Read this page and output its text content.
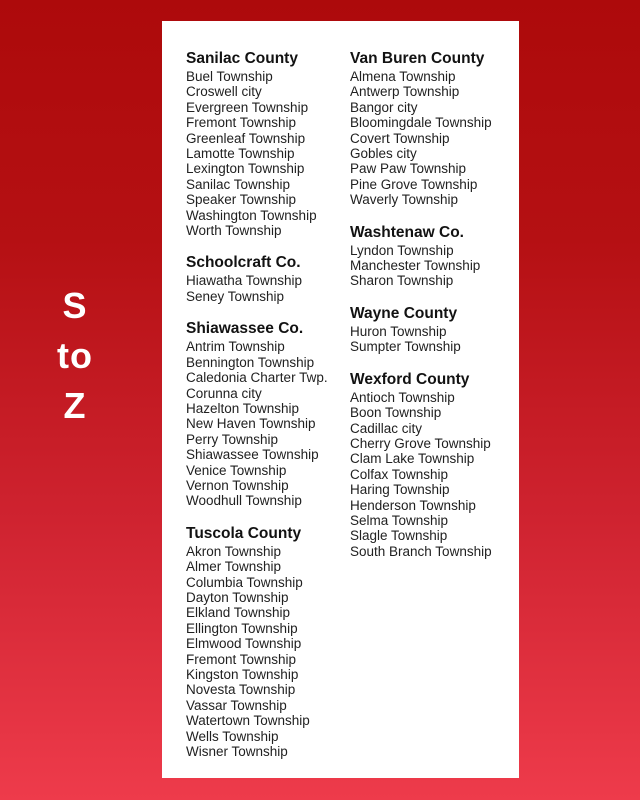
S
to
Z
Sanilac County
Buel Township
Croswell city
Evergreen Township
Fremont Township
Greenleaf Township
Lamotte Township
Lexington Township
Sanilac Township
Speaker Township
Washington Township
Worth Township
Schoolcraft Co.
Hiawatha Township
Seney Township
Shiawassee Co.
Antrim Township
Bennington Township
Caledonia Charter Twp.
Corunna city
Hazelton Township
New Haven Township
Perry Township
Shiawassee Township
Venice Township
Vernon Township
Woodhull Township
Tuscola County
Akron Township
Almer Township
Columbia Township
Dayton Township
Elkland Township
Ellington Township
Elmwood Township
Fremont Township
Kingston Township
Novesta Township
Vassar Township
Watertown Township
Wells Township
Wisner Township
Van Buren County
Almena Township
Antwerp Township
Bangor city
Bloomingdale Township
Covert Township
Gobles city
Paw Paw Township
Pine Grove Township
Waverly Township
Washtenaw Co.
Lyndon Township
Manchester Township
Sharon Township
Wayne County
Huron Township
Sumpter Township
Wexford County
Antioch Township
Boon Township
Cadillac city
Cherry Grove Township
Clam Lake Township
Colfax Township
Haring Township
Henderson Township
Selma Township
Slagle Township
South Branch Township
